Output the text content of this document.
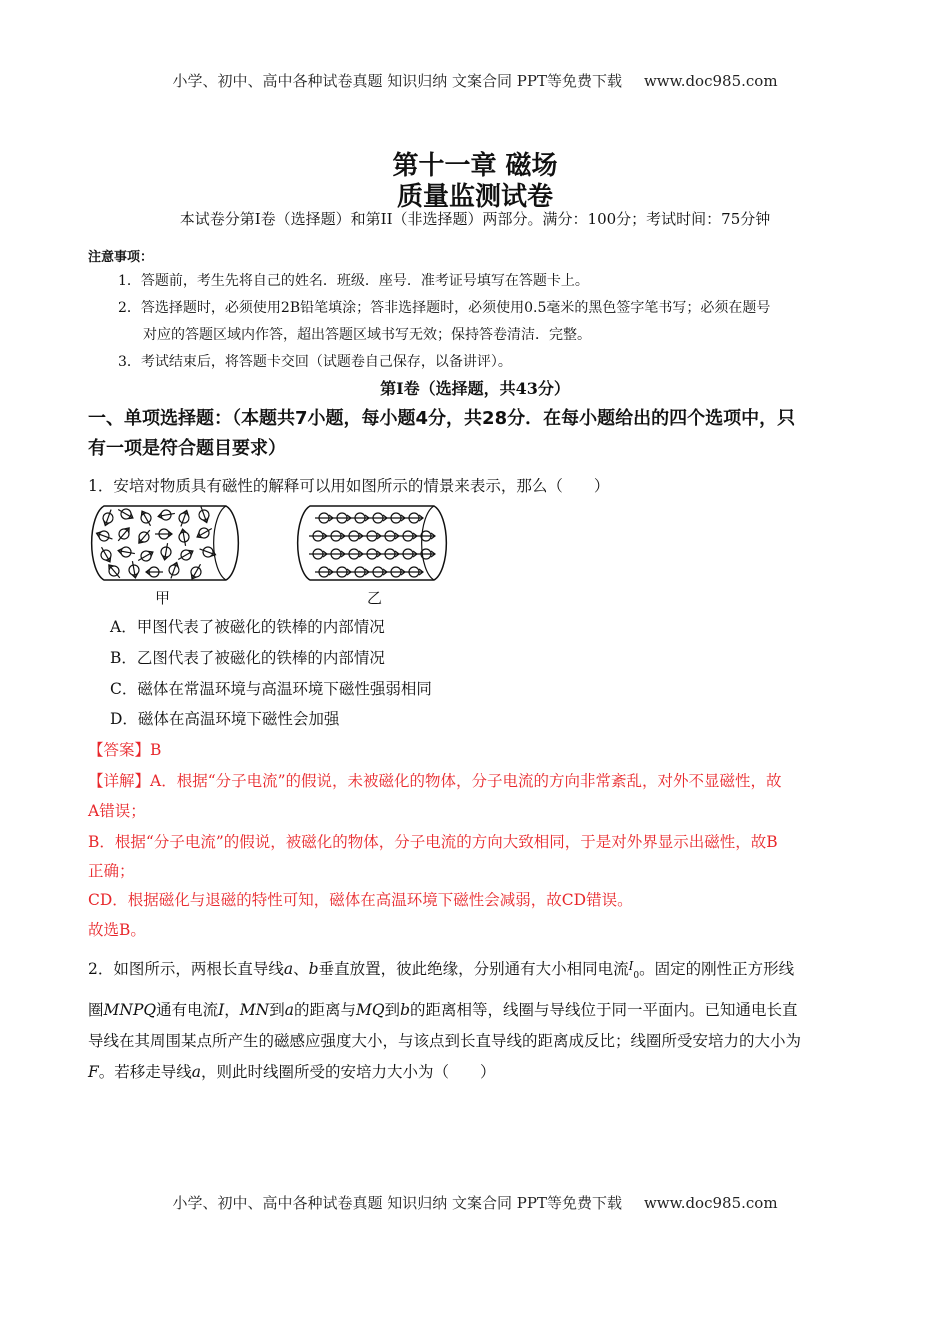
小学、初中、高中各种试卷真题 知识归纳 文案合同 PPT等免费下载 www.doc985.com
第十一章 磁场
质量监测试卷
本试卷分第I卷（选择题）和第II（非选择题）两部分。满分：100分；考试时间：75分钟
注意事项：
1．答题前，考生先将自己的姓名．班级．座号．准考证号填写在答题卡上。
2．答选择题时，必须使用2B铅笔填涂；答非选择题时，必须使用0.5毫米的黑色签字笔书写；必须在题号
对应的答题区域内作答，超出答题区域书写无效；保持答卷清洁．完整。
3．考试结束后，将答题卡交回（试题卷自己保存，以备讲评）。
第Ⅰ卷（选择题，共43分）
一、单项选择题：（本题共7小题，每小题4分，共28分．在每小题给出的四个选项中，只
有一项是符合题目要求）
1．安培对物质具有磁性的解释可以用如图所示的情景来表示，那么（　　）
甲	乙
A．甲图代表了被磁化的铁棒的内部情况
B．乙图代表了被磁化的铁棒的内部情况
C．磁体在常温环境与高温环境下磁性强弱相同
D．磁体在高温环境下磁性会加强
【答案】B
【详解】A．根据“分子电流”的假说，未被磁化的物体，分子电流的方向非常紊乱，对外不显磁性，故
A错误；
B．根据“分子电流”的假说，被磁化的物体，分子电流的方向大致相同，于是对外界显示出磁性，故B
正确；
CD．根据磁化与退磁的特性可知，磁体在高温环境下磁性会减弱，故CD错误。
故选B。
2．如图所示，两根长直导线a、b垂直放置，彼此绝缘，分别通有大小相同电流$^I_0$。固定的刚性正方形线
圈MNPQ通有电流I，MN到a的距离与MQ到b的距离相等，线圈与导线位于同一平面内。已知通电长直
导线在其周围某点所产生的磁感应强度大小，与该点到长直导线的距离成反比；线圈所受安培力的大小为
F。若移走导线a，则此时线圈所受的安培力大小为（　　）
小学、初中、高中各种试卷真题 知识归纳 文案合同 PPT等免费下载 www.doc985.com
